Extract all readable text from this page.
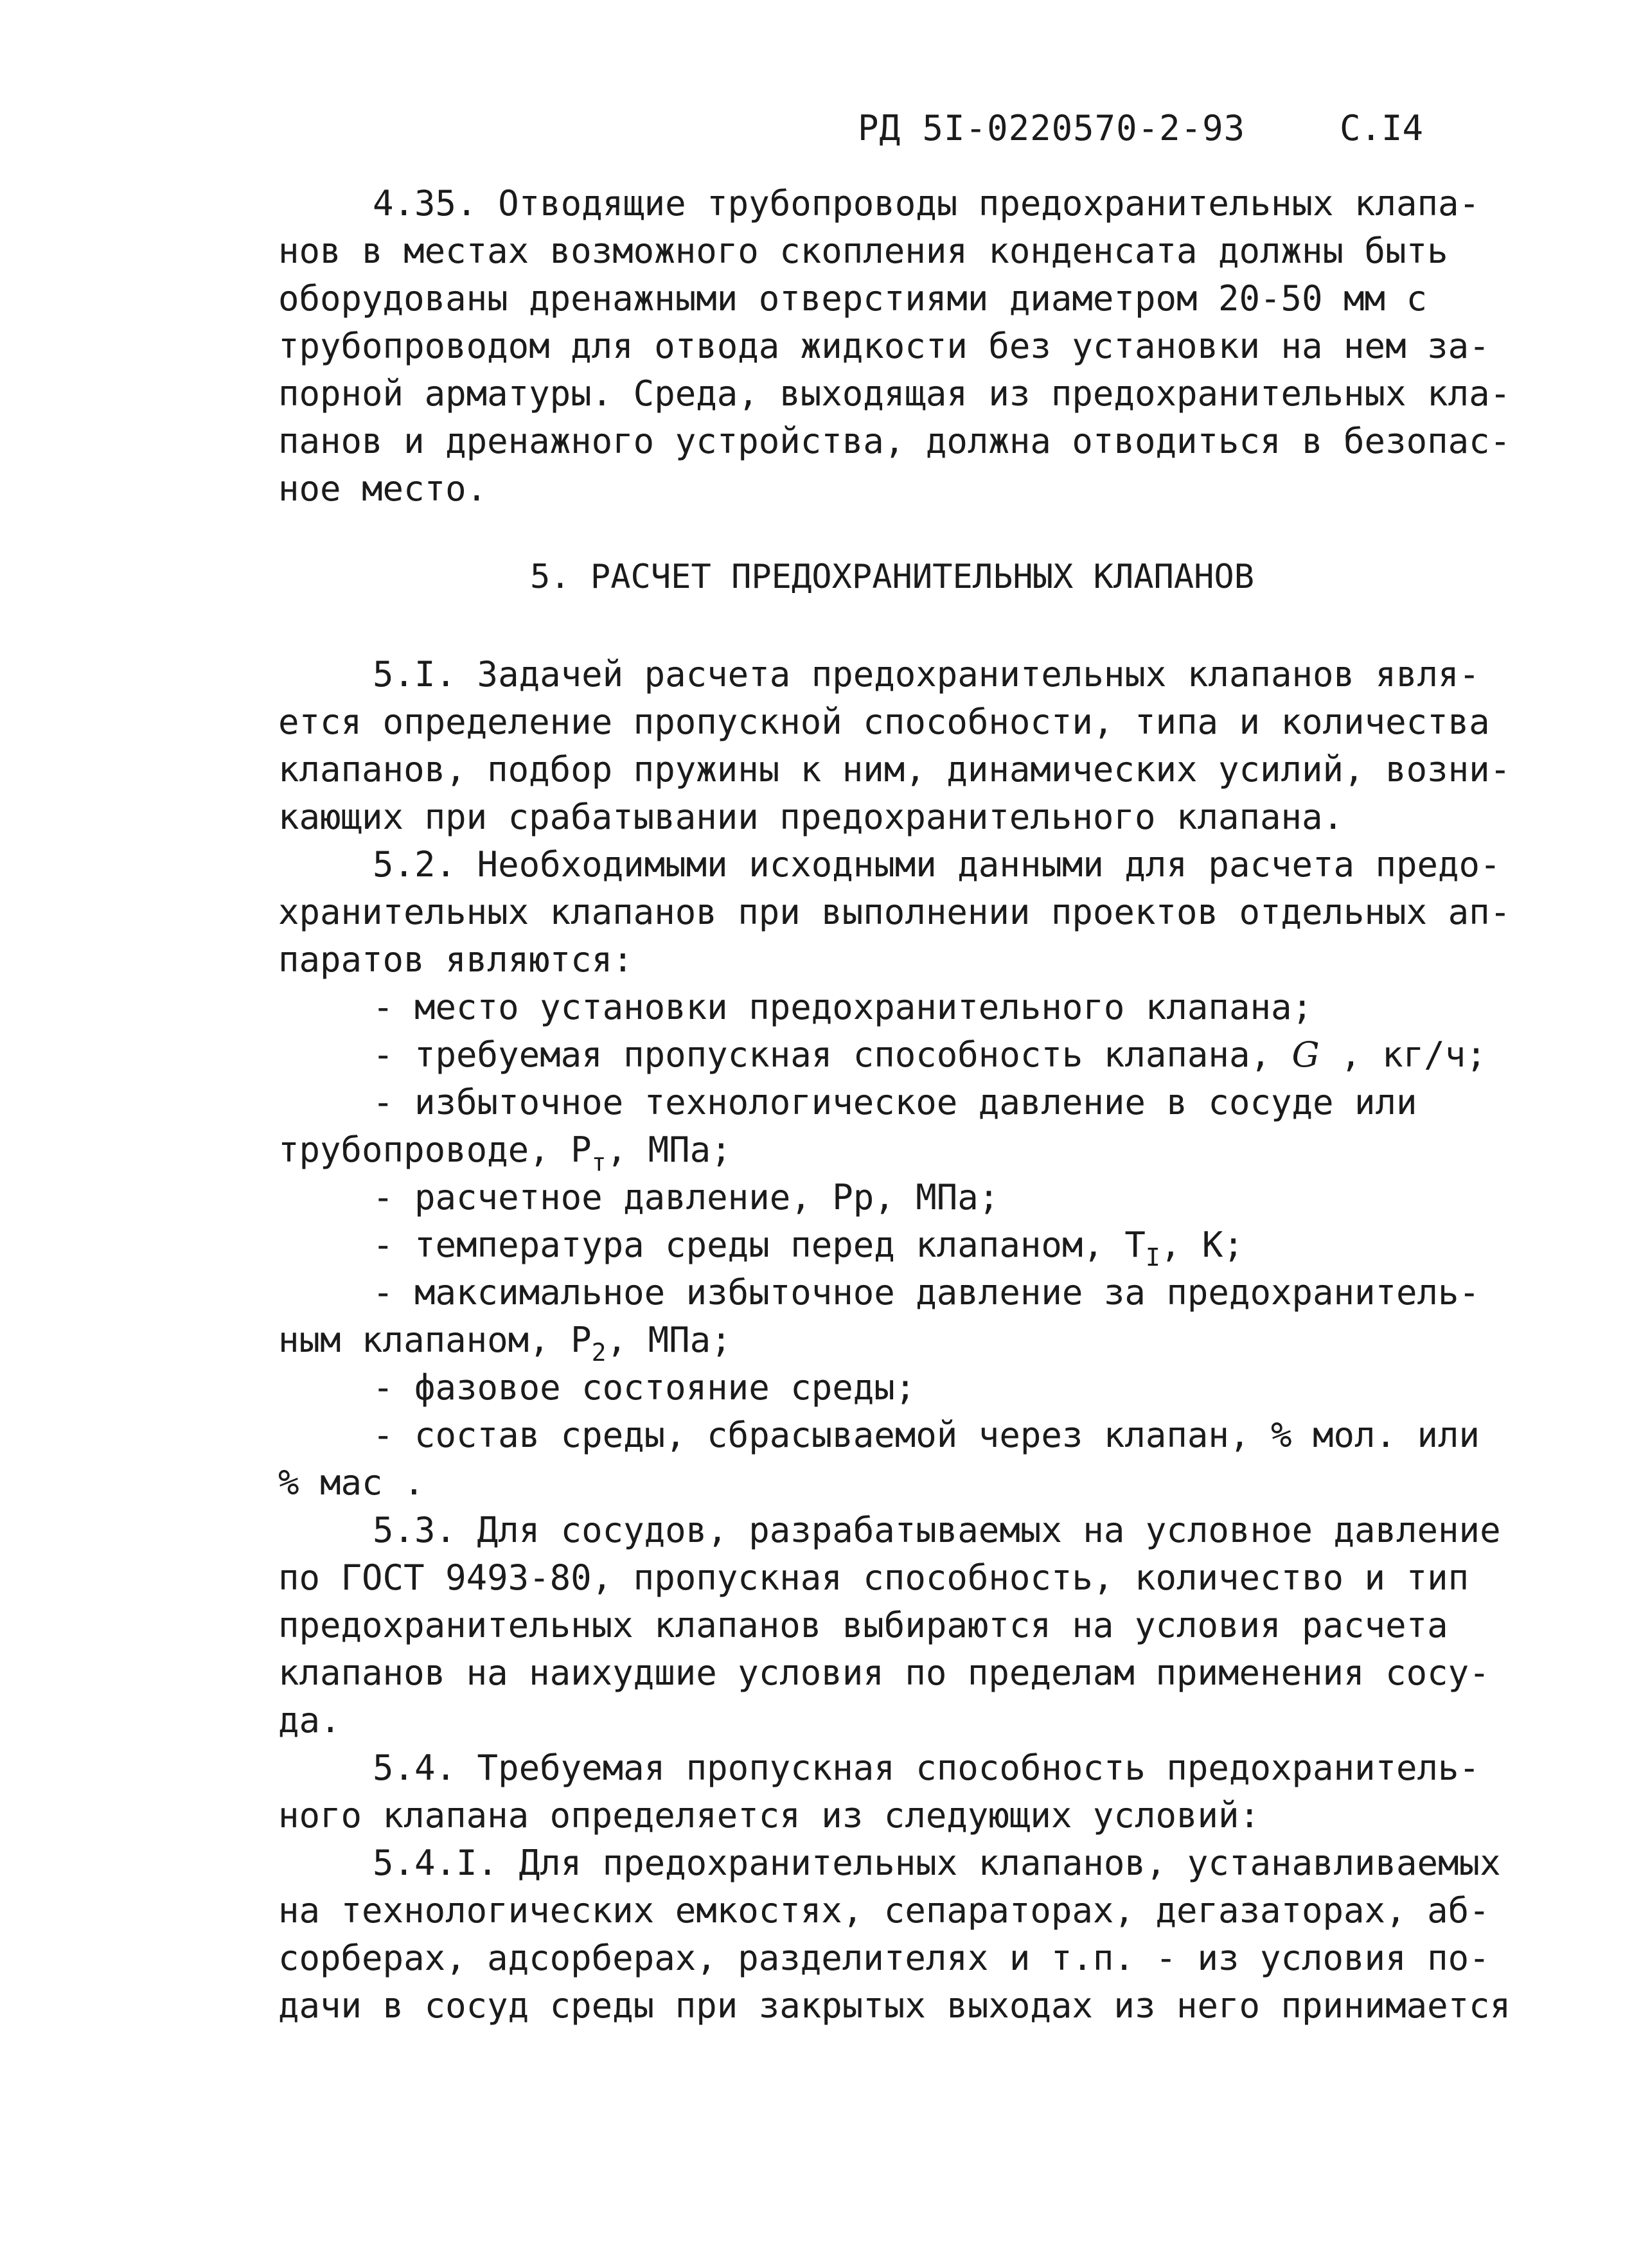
РД 5I-0220570-2-93	С.I4
4.35. Отводящие трубопроводы предохранительных клапа-
нов в местах возможного скопления конденсата должны быть
оборудованы дренажными отверстиями диаметром 20-50 мм с
трубопроводом для отвода жидкости без установки на нем за-
порной арматуры. Среда, выходящая из предохранительных кла-
панов и дренажного устройства, должна отводиться в безопас-
ное место.
5. РАСЧЕТ ПРЕДОХРАНИТЕЛЬНЫХ КЛАПАНОВ
5.I. Задачей расчета предохранительных клапанов явля-
ется определение пропускной способности, типа и количества
клапанов, подбор пружины к ним, динамических усилий, возни-
кающих при срабатывании предохранительного клапана.
5.2. Необходимыми исходными данными для расчета предо-
хранительных клапанов при выполнении проектов отдельных ап-
паратов являются:
- место установки предохранительного клапана;
- требуемая пропускная способность клапана, G , кг/ч;
- избыточное технологическое давление в сосуде или
трубопроводе, $P_т$, МПа;
- расчетное давление, Pp, МПа;
- температура среды перед клапаном, $T_I$, К;
- максимальное избыточное давление за предохранитель-
ным клапаном, $P_2$, МПа;
- фазовое состояние среды;
- состав среды, сбрасываемой через клапан, % мол. или
% мас .
5.3. Для сосудов, разрабатываемых на условное давление
по ГОСТ 9493-80, пропускная способность, количество и тип
предохранительных клапанов выбираются на условия расчета
клапанов на наихудшие условия по пределам применения сосу-
да.
5.4. Требуемая пропускная способность предохранитель-
ного клапана определяется из следующих условий:
5.4.I. Для предохранительных клапанов, устанавливаемых
на технологических емкостях, сепараторах, дегазаторах, аб-
сорберах, адсорберах, разделителях и т.п. - из условия по-
дачи в сосуд среды при закрытых выходах из него принимается
